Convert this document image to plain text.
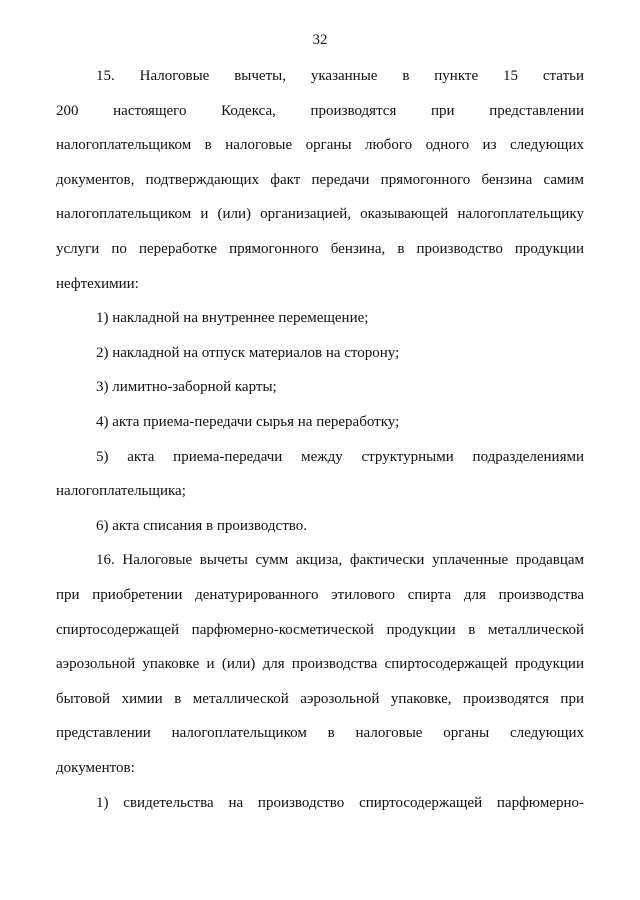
32
15. Налоговые вычеты, указанные в пункте 15 статьи
200 настоящего Кодекса, производятся при представлении
налогоплательщиком в налоговые органы любого одного из следующих
документов, подтверждающих факт передачи прямогонного бензина самим
налогоплательщиком и (или) организацией, оказывающей налогоплательщику
услуги по переработке прямогонного бензина, в производство продукции
нефтехимии:
1) накладной на внутреннее перемещение;
2) накладной на отпуск материалов на сторону;
3) лимитно-заборной карты;
4) акта приема-передачи сырья на переработку;
5) акта приема-передачи между структурными подразделениями
налогоплательщика;
6) акта списания в производство.
16. Налоговые вычеты сумм акциза, фактически уплаченные продавцам
при приобретении денатурированного этилового спирта для производства
спиртосодержащей парфюмерно-косметической продукции в металлической
аэрозольной упаковке и (или) для производства спиртосодержащей продукции
бытовой химии в металлической аэрозольной упаковке, производятся при
представлении налогоплательщиком в налоговые органы следующих
документов:
1) свидетельства на производство спиртосодержащей парфюмерно-
